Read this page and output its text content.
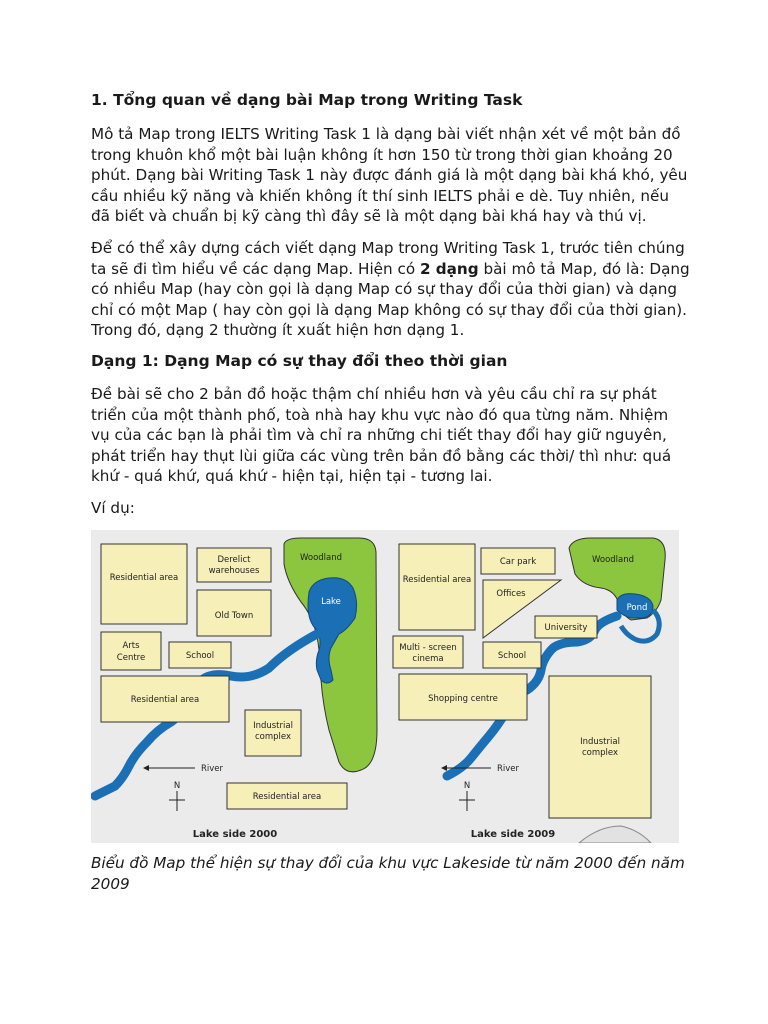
1. Tổng quan về dạng bài Map trong Writing Task

Mô tả Map trong IELTS Writing Task 1 là dạng bài viết nhận xét về một bản đồ trong khuôn khổ một bài luận không ít hơn 150 từ trong thời gian khoảng 20 phút. Dạng bài Writing Task 1 này được đánh giá là một dạng bài khá khó, yêu cầu nhiều kỹ năng và khiến không ít thí sinh IELTS phải e dè. Tuy nhiên, nếu đã biết và chuẩn bị kỹ càng thì đây sẽ là một dạng bài khá hay và thú vị.

Để có thể xây dựng cách viết dạng Map trong Writing Task 1, trước tiên chúng ta sẽ đi tìm hiểu về các dạng Map. Hiện có 2 dạng bài mô tả Map, đó là: Dạng có nhiều Map (hay còn gọi là dạng Map có sự thay đổi của thời gian) và dạng chỉ có một Map ( hay còn gọi là dạng Map không có sự thay đổi của thời gian). Trong đó, dạng 2 thường ít xuất hiện hơn dạng 1.

Dạng 1: Dạng Map có sự thay đổi theo thời gian

Đề bài sẽ cho 2 bản đồ hoặc thậm chí nhiều hơn và yêu cầu chỉ ra sự phát triển của một thành phố, toà nhà hay khu vực nào đó qua từng năm. Nhiệm vụ của các bạn là phải tìm và chỉ ra những chi tiết thay đổi hay giữ nguyên, phát triển hay thụt lùi giữa các vùng trên bản đồ bằng các thời/ thì như: quá khứ - quá khứ, quá khứ - hiện tại, hiện tại - tương lai.

Ví dụ:

Residential area
Derelict
warehouses
Old Town
Woodland
Lake
Arts
Centre	School
Residential area
Industrial
complex
River
N
Residential area
Lake side 2000
Woodland
Pond
Residential area
Car park
Offices
University
Multi - screen
cinema	School
Shopping centre
Industrial
complex
River
N
Lake side 2009

Biểu đồ Map thể hiện sự thay đổi của khu vực Lakeside từ năm 2000 đến năm 2009
